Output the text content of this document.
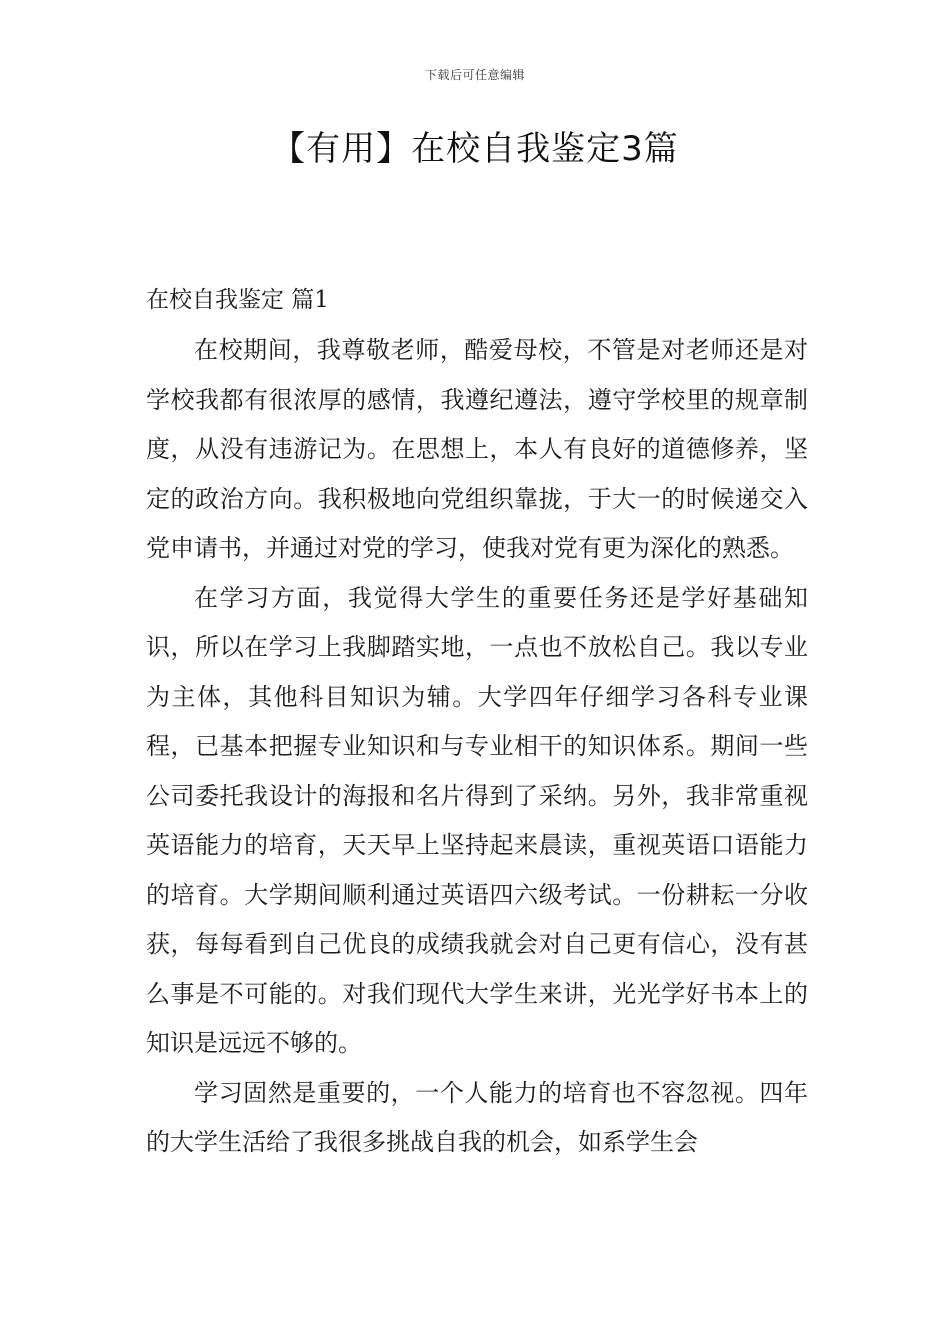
下载后可任意编辑
【有用】在校自我鉴定3篇
在校自我鉴定 篇1

在校期间，我尊敬老师，酷爱母校，不管是对老师还是对学校我都有很浓厚的感情，我遵纪遵法，遵守学校里的规章制度，从没有违游记为。在思想上，本人有良好的道德修养，坚定的政治方向。我积极地向党组织靠拢，于大一的时候递交入党申请书，并通过对党的学习，使我对党有更为深化的熟悉。

在学习方面，我觉得大学生的重要任务还是学好基础知识，所以在学习上我脚踏实地，一点也不放松自己。我以专业为主体，其他科目知识为辅。大学四年仔细学习各科专业课程，已基本把握专业知识和与专业相干的知识体系。期间一些公司委托我设计的海报和名片得到了采纳。另外，我非常重视英语能力的培育，天天早上坚持起来晨读，重视英语口语能力的培育。大学期间顺利通过英语四六级考试。一份耕耘一分收获，每每看到自己优良的成绩我就会对自己更有信心，没有甚么事是不可能的。对我们现代大学生来讲，光光学好书本上的知识是远远不够的。

学习固然是重要的，一个人能力的培育也不容忽视。四年的大学生活给了我很多挑战自我的机会，如系学生会
